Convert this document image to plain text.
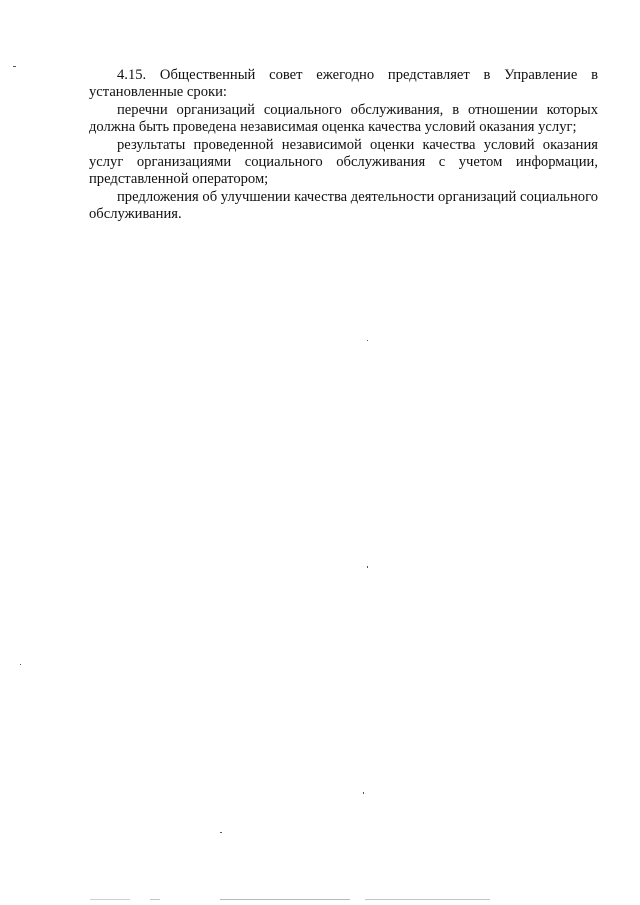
4.15. Общественный совет ежегодно представляет в Управление в установленные сроки:

перечни организаций социального обслуживания, в отношении которых должна быть проведена независимая оценка качества условий оказания услуг;

результаты проведенной независимой оценки качества условий оказания услуг организациями социального обслуживания с учетом информации, представленной оператором;

предложения об улучшении качества деятельности организаций социального обслуживания.
